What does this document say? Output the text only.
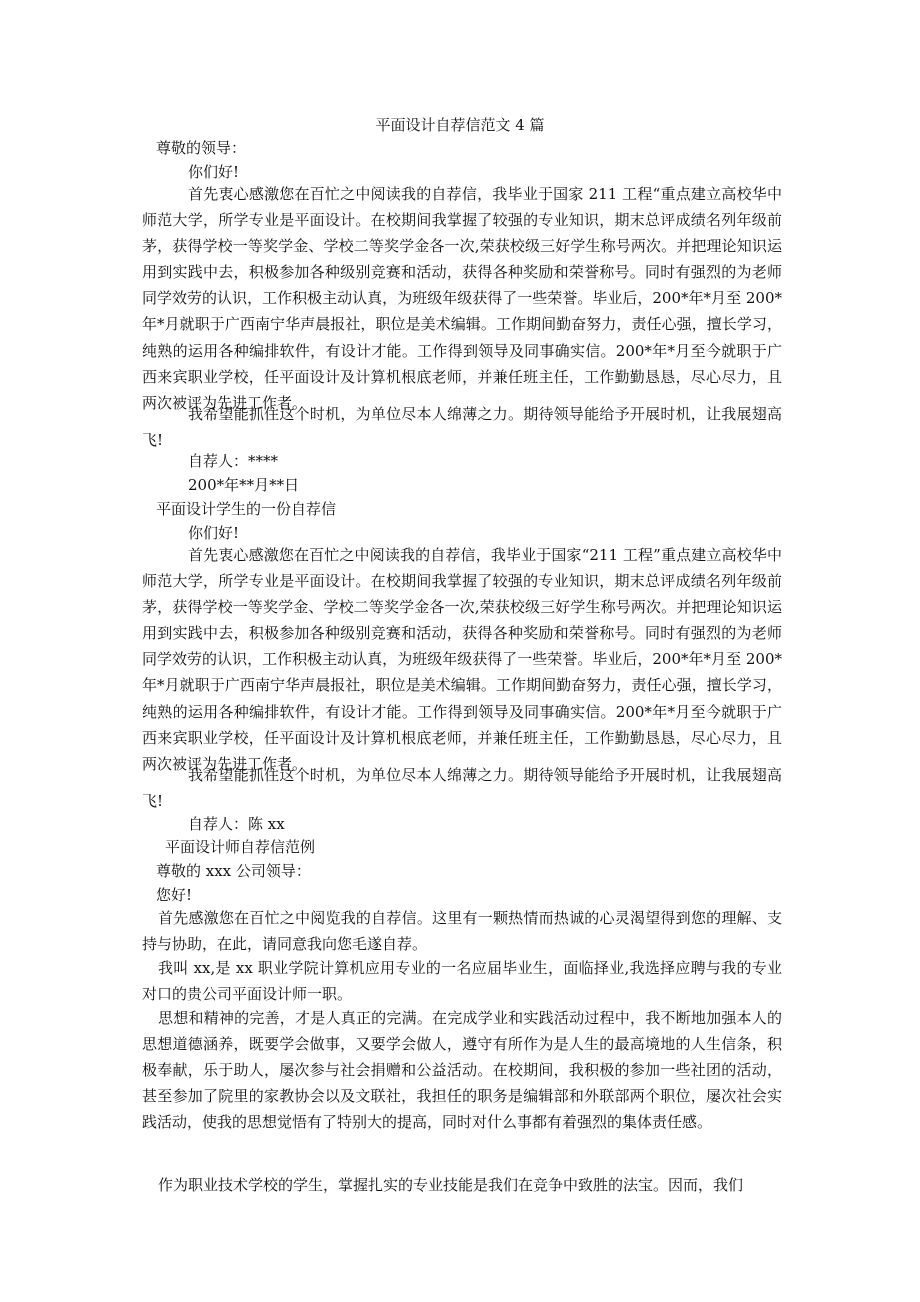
平面设计自荐信范文 4 篇
尊敬的领导：
你们好!
首先衷心感激您在百忙之中阅读我的自荐信，我毕业于国家 211 工程“重点建立高校华中师范大学，所学专业是平面设计。在校期间我掌握了较强的专业知识，期末总评成绩名列年级前茅，获得学校一等奖学金、学校二等奖学金各一次,荣获校级三好学生称号两次。并把理论知识运用到实践中去，积极参加各种级别竞赛和活动，获得各种奖励和荣誉称号。同时有强烈的为老师同学效劳的认识，工作积极主动认真，为班级年级获得了一些荣誉。毕业后，200*年*月至 200*年*月就职于广西南宁华声晨报社，职位是美术编辑。工作期间勤奋努力，责任心强，擅长学习，纯熟的运用各种编排软件，有设计才能。工作得到领导及同事确实信。200*年*月至今就职于广西来宾职业学校，任平面设计及计算机根底老师，并兼任班主任，工作勤勤恳恳，尽心尽力，且两次被评为先进工作者。
我希望能抓住这个时机，为单位尽本人绵薄之力。期待领导能给予开展时机，让我展翅高飞!
自荐人：****
200*年**月**日
平面设计学生的一份自荐信
你们好!
首先衷心感激您在百忙之中阅读我的自荐信，我毕业于国家“211 工程”重点建立高校华中师范大学，所学专业是平面设计。在校期间我掌握了较强的专业知识，期末总评成绩名列年级前茅，获得学校一等奖学金、学校二等奖学金各一次,荣获校级三好学生称号两次。并把理论知识运用到实践中去，积极参加各种级别竞赛和活动，获得各种奖励和荣誉称号。同时有强烈的为老师同学效劳的认识，工作积极主动认真，为班级年级获得了一些荣誉。毕业后，200*年*月至 200*年*月就职于广西南宁华声晨报社，职位是美术编辑。工作期间勤奋努力，责任心强，擅长学习，纯熟的运用各种编排软件，有设计才能。工作得到领导及同事确实信。200*年*月至今就职于广西来宾职业学校，任平面设计及计算机根底老师，并兼任班主任，工作勤勤恳恳，尽心尽力，且两次被评为先进工作者。
我希望能抓住这个时机，为单位尽本人绵薄之力。期待领导能给予开展时机，让我展翅高飞!
自荐人：陈 xx
平面设计师自荐信范例
尊敬的 xxx 公司领导：
您好!
首先感激您在百忙之中阅览我的自荐信。这里有一颗热情而热诚的心灵渴望得到您的理解、支持与协助，在此，请同意我向您毛遂自荐。
我叫 xx,是 xx 职业学院计算机应用专业的一名应届毕业生，面临择业,我选择应聘与我的专业对口的贵公司平面设计师一职。
思想和精神的完善，才是人真正的完满。在完成学业和实践活动过程中，我不断地加强本人的思想道德涵养，既要学会做事，又要学会做人，遵守有所作为是人生的最高境地的人生信条，积极奉献，乐于助人，屡次参与社会捐赠和公益活动。在校期间，我积极的参加一些社团的活动，甚至参加了院里的家教协会以及文联社，我担任的职务是编辑部和外联部两个职位，屡次社会实践活动，使我的思想觉悟有了特别大的提高，同时对什么事都有着强烈的集体责任感。
作为职业技术学校的学生，掌握扎实的专业技能是我们在竞争中致胜的法宝。因而，我们
